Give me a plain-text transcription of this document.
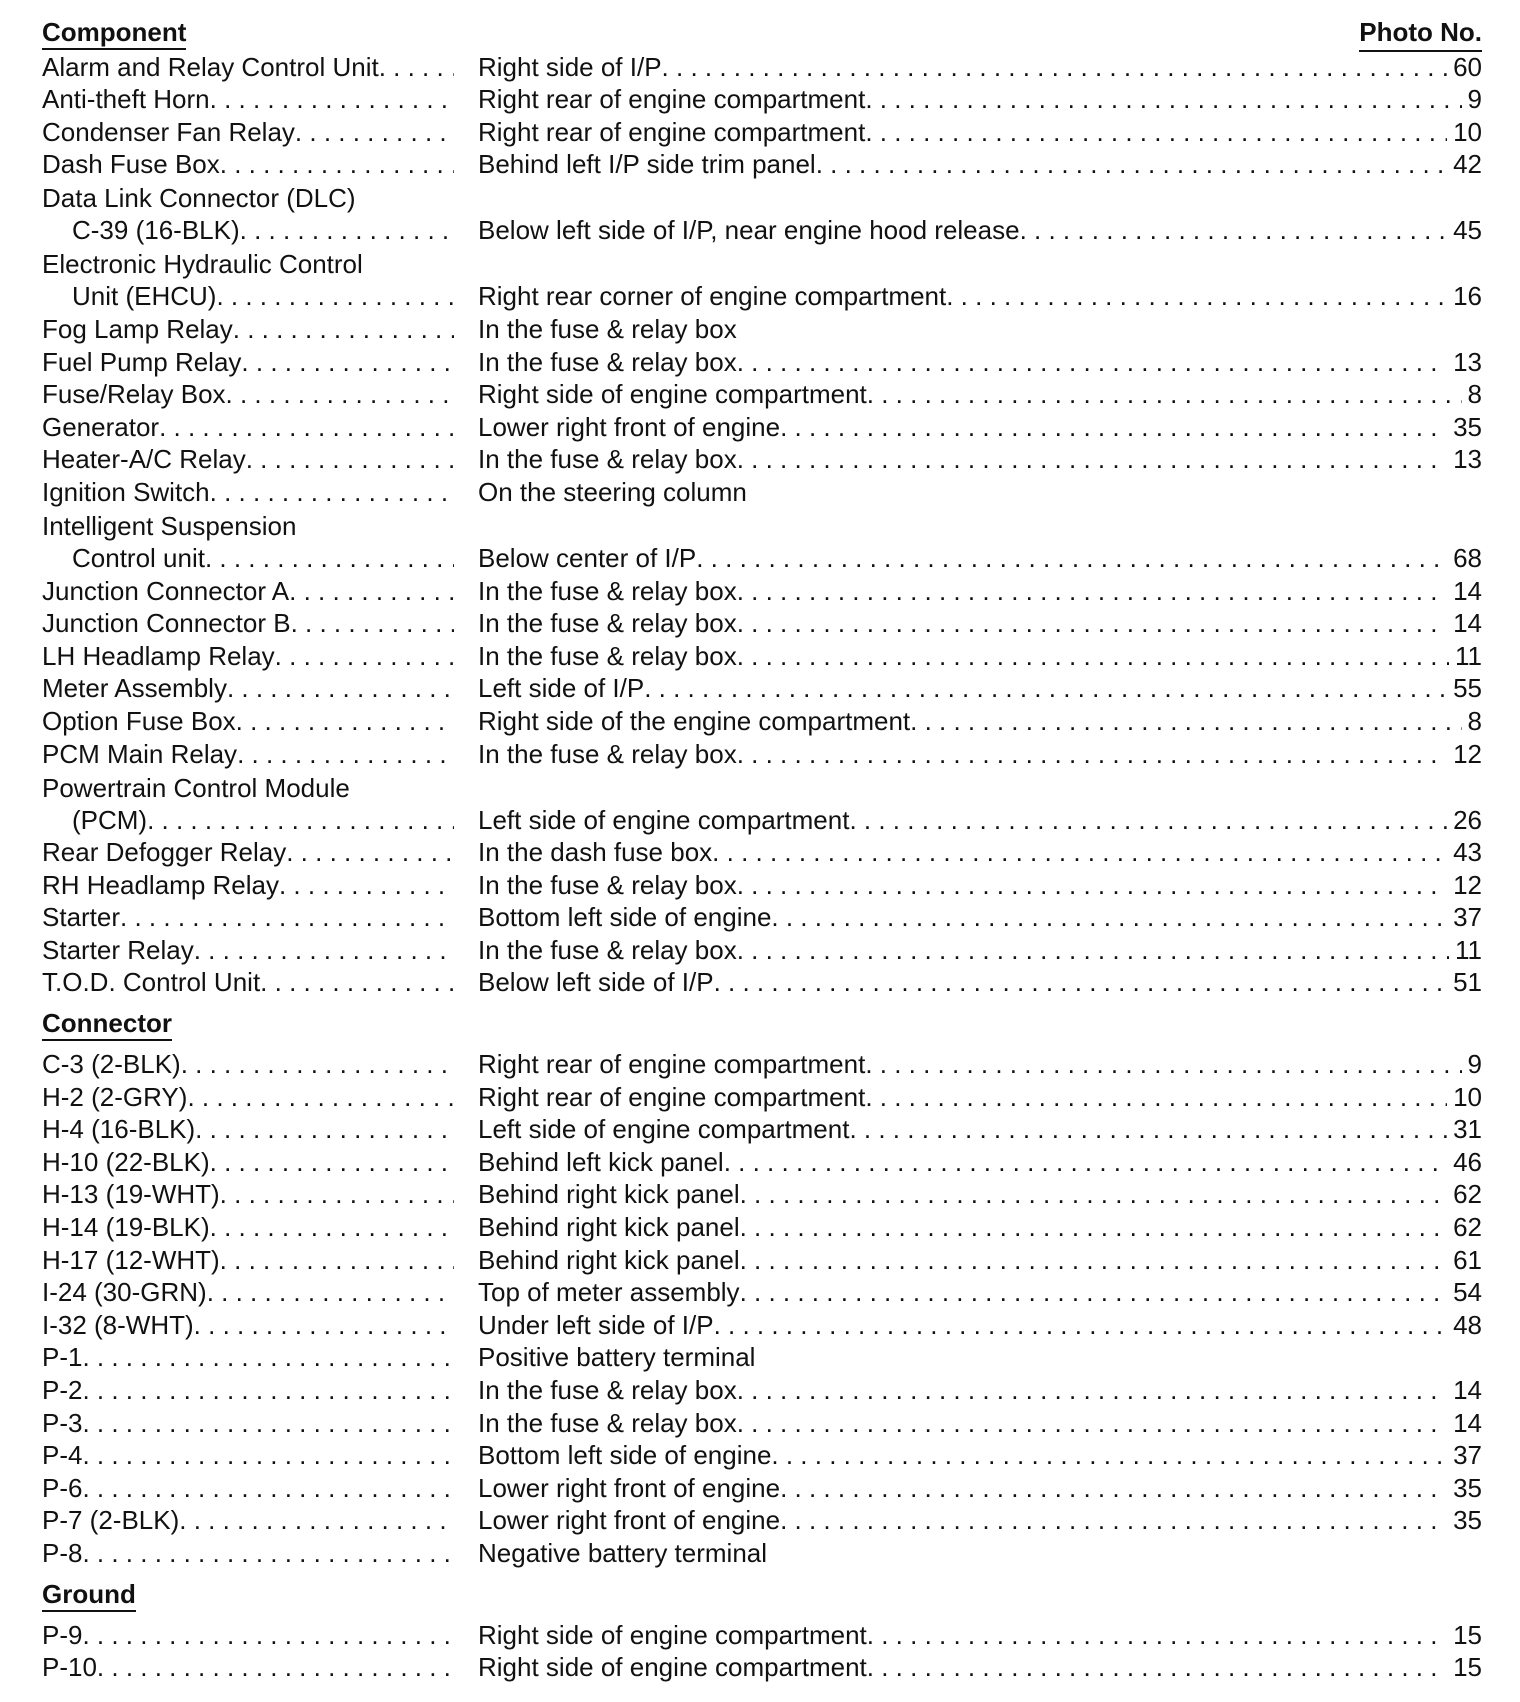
Component	Photo No.
Alarm and Relay Control Unit . . .	Right side of I/P . . .	60
Anti-theft Horn . . .	Right rear of engine compartment . . .	9
Condenser Fan Relay . . .	Right rear of engine compartment . . .	10
Dash Fuse Box . . .	Behind left I/P side trim panel . . .	42
Data Link Connector (DLC)
C-39 (16-BLK) . . .	Below left side of I/P, near engine hood release . . .	45
Electronic Hydraulic Control
Unit (EHCU) . . .	Right rear corner of engine compartment . . .	16
Fog Lamp Relay . . .	In the fuse & relay box
Fuel Pump Relay . . .	In the fuse & relay box . . .	13
Fuse/Relay Box . . .	Right side of engine compartment . . .	8
Generator . . .	Lower right front of engine . . .	35
Heater-A/C Relay . . .	In the fuse & relay box . . .	13
Ignition Switch . . .	On the steering column
Intelligent Suspension
Control unit . . .	Below center of I/P . . .	68
Junction Connector A . . .	In the fuse & relay box . . .	14
Junction Connector B . . .	In the fuse & relay box . . .	14
LH Headlamp Relay . . .	In the fuse & relay box . . .	11
Meter Assembly . . .	Left side of I/P . . .	55
Option Fuse Box . . .	Right side of the engine compartment . . .	8
PCM Main Relay . . .	In the fuse & relay box . . .	12
Powertrain Control Module
(PCM) . . .	Left side of engine compartment . . .	26
Rear Defogger Relay . . .	In the dash fuse box . . .	43
RH Headlamp Relay . . .	In the fuse & relay box . . .	12
Starter . . .	Bottom left side of engine . . .	37
Starter Relay . . .	In the fuse & relay box . . .	11
T.O.D. Control Unit . . .	Below left side of I/P . . .	51
Connector
C-3 (2-BLK) . . .	Right rear of engine compartment . . .	9
H-2 (2-GRY) . . .	Right rear of engine compartment . . .	10
H-4 (16-BLK) . . .	Left side of engine compartment . . .	31
H-10 (22-BLK) . . .	Behind left kick panel . . .	46
H-13 (19-WHT) . . .	Behind right kick panel . . .	62
H-14 (19-BLK) . . .	Behind right kick panel . . .	62
H-17 (12-WHT) . . .	Behind right kick panel . . .	61
I-24 (30-GRN) . . .	Top of meter assembly . . .	54
I-32 (8-WHT) . . .	Under left side of I/P . . .	48
P-1 . . .	Positive battery terminal
P-2 . . .	In the fuse & relay box . . .	14
P-3 . . .	In the fuse & relay box . . .	14
P-4 . . .	Bottom left side of engine . . .	37
P-6 . . .	Lower right front of engine . . .	35
P-7 (2-BLK) . . .	Lower right front of engine . . .	35
P-8 . . .	Negative battery terminal
Ground
P-9 . . .	Right side of engine compartment . . .	15
P-10 . . .	Right side of engine compartment . . .	15
